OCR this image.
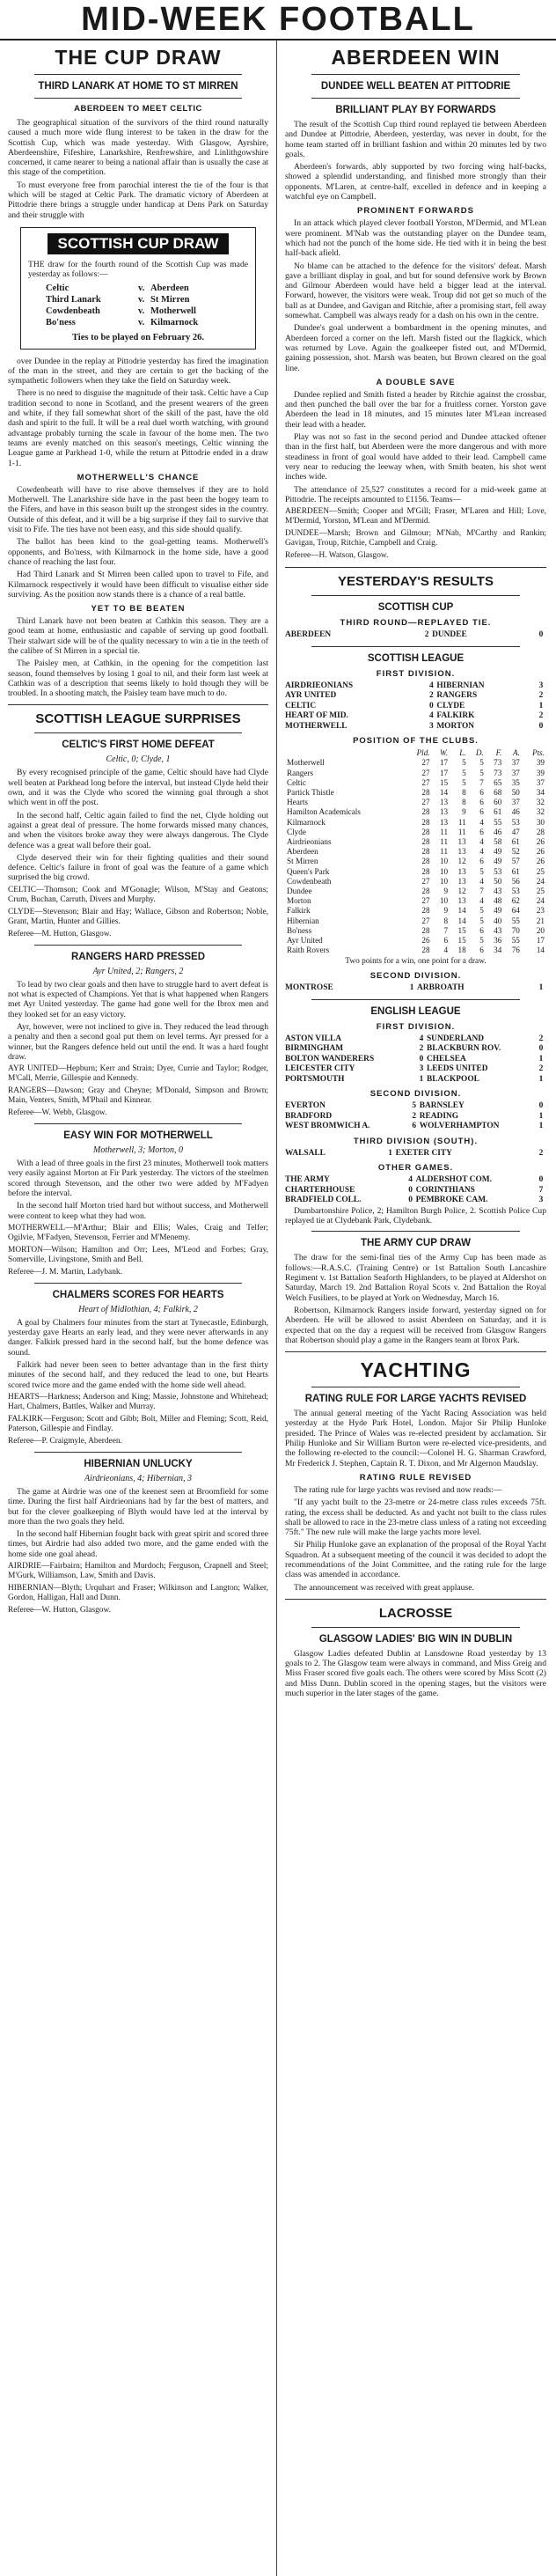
MID-WEEK FOOTBALL
THE CUP DRAW
THIRD LANARK AT HOME TO ST MIRREN
ABERDEEN TO MEET CELTIC

The geographical situation of the survivors of the third round naturally caused a much more wide flung interest to be taken in the draw for the Scottish Cup, which was made yesterday. With Glasgow, Ayrshire, Aberdeenshire, Fifeshire, Lanarkshire, Renfrewshire, and Linlithgowshire concerned, it came nearer to being a national affair than is usually the case at this stage of the competition.

To must everyone free from parochial interest the tie of the four is that which will be staged at Celtic Park. The dramatic victory of Aberdeen at Pittodrie there brings a struggle under handicap at Dens Park on Saturday and their struggle with

SCOTTISH CUP DRAW

THE draw for the fourth round of the Scottish Cup was made yesterday as follows:—

Celtic	v. Aberdeen
Third Lanark	v. St Mirren
Cowdenbeath	v. Motherwell
Bo'ness	v. Kilmarnock
Ties to be played on February 26.

over Dundee in the replay at Pittodrie yesterday has fired the imagination of the man in the street, and they are certain to get the backing of the sympathetic followers when they take the field on Saturday week.

There is no need to disguise the magnitude of their task. Celtic have a Cup tradition second to none in Scotland, and the present wearers of the green and white, if they fall somewhat short of the skill of the past, have the old dash and spirit to the full. It will be a real duel worth watching, with ground advantage probably turning the scale in favour of the home men. The two teams are evenly matched on this season's meetings, Celtic winning the League game at Parkhead 1-0, while the return at Pittodrie ended in a draw 1-1.

MOTHERWELL'S CHANCE

Cowdenbeath will have to rise above themselves if they are to hold Motherwell. The Lanarkshire side have in the past been the bogey team to the Fifers, and have in this season built up the strongest sides in the country. Outside of this defeat, and it will be a big surprise if they fail to survive that visit to Fife. The ties have not been easy, and this side should qualify.

The ballot has been kind to the goal-getting teams. Motherwell's opponents, and Bo'ness, with Kilmarnock in the home side, have a good chance of reaching the last four.

Had Third Lanark and St Mirren been called upon to travel to Fife, and Kilmarnock respectively it would have been difficult to visualise either side surviving. As the position now stands there is a chance of a real battle.

YET TO BE BEATEN

Third Lanark have not been beaten at Cathkin this season. They are a good team at home, enthusiastic and capable of serving up good football. Their stalwart side will be of the quality necessary to win a tie in the teeth of the calibre of St Mirren in a special tie.

The Paisley men, at Cathkin, in the opening for the competition last season, found themselves by losing 1 goal to nil, and their form last week at Cathkin was of a description that seems likely to hold though they will be troubled. In a shooting match, the Paisley team have much to do.

SCOTTISH LEAGUE SURPRISES
CELTIC'S FIRST HOME DEFEAT
Celtic, 0; Clyde, 1

By every recognised principle of the game, Celtic should have had Clyde well beaten at Parkhead long before the interval, but instead Clyde held their own, and it was the Clyde who scored the winning goal through a shot which went in off the post.

In the second half, Celtic again failed to find the net, Clyde holding out against a great deal of pressure. The home forwards missed many chances, and when the visitors broke away they were always dangerous. The Clyde defence was a great wall before their goal.

Clyde deserved their win for their fighting qualities and their sound defence. Celtic's failure in front of goal was the feature of a game which surprised the big crowd.

CELTIC—Thomson; Cook and M'Gonagle; Wilson, M'Stay and Geatons; Crum, Buchan, Carruth, Divers and Murphy.
CLYDE—Stevenson; Blair and Hay; Wallace, Gibson and Robertson; Noble, Grant, Martin, Hunter and Gillies.
Referee—M. Hutton, Glasgow.
RANGERS HARD PRESSED
Ayr United, 2; Rangers, 2

To lead by two clear goals and then have to struggle hard to avert defeat is not what is expected of Champions. Yet that is what happened when Rangers met Ayr United yesterday. The game had gone well for the Ibrox men and they looked set for an easy victory.

Ayr, however, were not inclined to give in. They reduced the lead through a penalty and then a second goal put them on level terms. Ayr pressed for a winner, but the Rangers defence held out until the end. It was a hard fought draw.

AYR UNITED—Hepburn; Kerr and Strain; Dyer, Currie and Taylor; Rodger, M'Call, Merrie, Gillespie and Kennedy.
RANGERS—Dawson; Gray and Cheyne; M'Donald, Simpson and Brown; Main, Venters, Smith, M'Phail and Kinnear.
Referee—W. Webb, Glasgow.
EASY WIN FOR MOTHERWELL
Motherwell, 3; Morton, 0

With a lead of three goals in the first 23 minutes, Motherwell took matters very easily against Morton at Fir Park yesterday. The victors of the steelmen scored through Stevenson, and the other two were added by M'Fadyen before the interval.

In the second half Morton tried hard but without success, and Motherwell were content to keep what they had won.

MOTHERWELL—M'Arthur; Blair and Ellis; Wales, Craig and Telfer; Ogilvie, M'Fadyen, Stevenson, Ferrier and M'Menemy.
MORTON—Wilson; Hamilton and Orr; Lees, M'Leod and Forbes; Gray, Somerville, Livingstone, Smith and Bell.
Referee—J. M. Martin, Ladybank.
CHALMERS SCORES FOR HEARTS
Heart of Midlothian, 4; Falkirk, 2

A goal by Chalmers four minutes from the start at Tynecastle, Edinburgh, yesterday gave Hearts an early lead, and they were never afterwards in any danger. Falkirk pressed hard in the second half, but the home defence was sound.

Falkirk had never been seen to better advantage than in the first thirty minutes of the second half, and they reduced the lead to one, but Hearts scored twice more and the game ended with the home side well ahead.

HEARTS—Harkness; Anderson and King; Massie, Johnstone and Whitehead; Hart, Chalmers, Battles, Walker and Murray.
FALKIRK—Ferguson; Scott and Gibb; Bolt, Miller and Fleming; Scott, Reid, Paterson, Gillespie and Findlay.
Referee—P. Craigmyle, Aberdeen.
HIBERNIAN UNLUCKY
Airdrieonians, 4; Hibernian, 3

The game at Airdrie was one of the keenest seen at Broomfield for some time. During the first half Airdrieonians had by far the best of matters, and but for the clever goalkeeping of Blyth would have led at the interval by more than the two goals they held.

In the second half Hibernian fought back with great spirit and scored three times, but Airdrie had also added two more, and the game ended with the home side one goal ahead.

AIRDRIE—Fairbairn; Hamilton and Murdoch; Ferguson, Crapnell and Steel; M'Gurk, Williamson, Law, Smith and Davis.
HIBERNIAN—Blyth; Urquhart and Fraser; Wilkinson and Langton; Walker, Gordon, Halligan, Hall and Dunn.
Referee—W. Hutton, Glasgow.
ABERDEEN WIN
DUNDEE WELL BEATEN AT PITTODRIE
BRILLIANT PLAY BY FORWARDS

The result of the Scottish Cup third round replayed tie between Aberdeen and Dundee at Pittodrie, Aberdeen, yesterday, was never in doubt, for the home team started off in brilliant fashion and within 20 minutes led by two goals.

Aberdeen's forwards, ably supported by two forcing wing half-backs, showed a splendid understanding, and finished more strongly than their opponents. M'Laren, at centre-half, excelled in defence and in keeping a watchful eye on Campbell.

PROMINENT FORWARDS

In an attack which played clever football Yorston, M'Dermid, and M'Lean were prominent. M'Nab was the outstanding player on the Dundee team, which had not the punch of the home side. He tied with it in being the best half-back afield.

No blame can be attached to the defence for the visitors' defeat. Marsh gave a brilliant display in goal, and but for sound defensive work by Brown and Gilmour Aberdeen would have held a bigger lead at the interval. Forward, however, the visitors were weak. Troup did not get so much of the ball as at Dundee, and Gavigan and Ritchie, after a promising start, fell away somewhat. Campbell was always ready for a dash on his own in the centre.

Dundee's goal underwent a bombardment in the opening minutes, and Aberdeen forced a corner on the left. Marsh fisted out the flagkick, which was returned by Love. Again the goalkeeper fisted out, and M'Dermid, gaining possession, shot. Marsh was beaten, but Brown cleared on the goal line.

A DOUBLE SAVE

Dundee replied and Smith fisted a header by Ritchie against the crossbar, and then punched the ball over the bar for a fruitless corner. Yorston gave Aberdeen the lead in 18 minutes, and 15 minutes later M'Lean increased their lead with a header.

Play was not so fast in the second period and Dundee attacked oftener than in the first half, but Aberdeen were the more dangerous and with more steadiness in front of goal would have added to their lead. Campbell came very near to reducing the leeway when, with Smith beaten, his shot went inches wide.

The attendance of 25,527 constitutes a record for a mid-week game at Pittodrie. The receipts amounted to £1156. Teams—

ABERDEEN—Smith; Cooper and M'Gill; Fraser, M'Laren and Hill; Love, M'Dermid, Yorston, M'Lean and M'Dermid.
DUNDEE—Marsh; Brown and Gilmour; M'Nab, M'Carthy and Rankin; Gavigan, Troup, Ritchie, Campbell and Craig.
Referee—H. Watson, Glasgow.
YESTERDAY'S RESULTS
SCOTTISH CUP
THIRD ROUND—REPLAYED TIE.
ABERDEEN	2	DUNDEE	0
SCOTTISH LEAGUE
FIRST DIVISION.
AIRDRIEONIANS	4	HIBERNIAN	3
AYR UNITED	2	RANGERS	2
CELTIC	0	CLYDE	1
HEART OF MID.	4	FALKIRK	2
MOTHERWELL	3	MORTON	0
POSITION OF THE CLUBS.
	Pld.	W.	L.	D.	F.	A.	Pts.
Motherwell	27	17	5	5	73	37	39
Rangers	27	17	5	5	73	37	39
Celtic	27	15	5	7	65	35	37
Partick Thistle	28	14	8	6	68	50	34
Hearts	27	13	8	6	60	37	32
Hamilton Academicals	28	13	9	6	61	46	32
Kilmarnock	28	13	11	4	55	53	30
Clyde	28	11	11	6	46	47	28
Airdrieonians	28	11	13	4	58	61	26
Aberdeen	28	11	13	4	49	52	26
St Mirren	28	10	12	6	49	57	26
Queen's Park	28	10	13	5	53	61	25
Cowdenbeath	27	10	13	4	50	56	24
Dundee	28	9	12	7	43	53	25
Morton	27	10	13	4	48	62	24
Falkirk	28	9	14	5	49	64	23
Hibernian	27	8	14	5	40	55	21
Bo'ness	28	7	15	6	43	70	20
Ayr United	26	6	15	5	36	55	17
Raith Rovers	28	4	18	6	34	76	14
Two points for a win, one point for a draw.
SECOND DIVISION.
MONTROSE	1	ARBROATH	1
ENGLISH LEAGUE
FIRST DIVISION.
ASTON VILLA	4	SUNDERLAND	2
BIRMINGHAM	2	BLACKBURN ROV.	0
BOLTON WANDERERS	0	CHELSEA	1
LEICESTER CITY	3	LEEDS UNITED	2
PORTSMOUTH	1	BLACKPOOL	1
SECOND DIVISION.
EVERTON	5	BARNSLEY	0
BRADFORD	2	READING	1
WEST BROMWICH A.	6	WOLVERHAMPTON	1
THIRD DIVISION (SOUTH).
WALSALL	1	EXETER CITY	2
OTHER GAMES.
THE ARMY	4	ALDERSHOT COM.	0
CHARTERHOUSE	0	CORINTHIANS	7
BRADFIELD COLL.	0	PEMBROKE CAM.	3

Dumbartonshire Police, 2; Hamilton Burgh Police, 2. Scottish Police Cup replayed tie at Clydebank Park, Clydebank.

THE ARMY CUP DRAW

The draw for the semi-final ties of the Army Cup has been made as follows:—R.A.S.C. (Training Centre) or 1st Battalion South Lancashire Regiment v. 1st Battalion Seaforth Highlanders, to be played at Aldershot on Saturday, March 19. 2nd Battalion Royal Scots v. 2nd Battalion the Royal Welch Fusiliers, to be played at York on Wednesday, March 16.

Robertson, Kilmarnock Rangers inside forward, yesterday signed on for Aberdeen. He will be allowed to assist Aberdeen on Saturday, and it is expected that on the day a request will be received from Glasgow Rangers that Robertson should play a game in the Rangers team at Ibrox Park.

YACHTING
RATING RULE FOR LARGE YACHTS REVISED

The annual general meeting of the Yacht Racing Association was held yesterday at the Hyde Park Hotel, London. Major Sir Philip Hunloke presided. The Prince of Wales was re-elected president by acclamation. Sir Philip Hunloke and Sir William Burton were re-elected vice-presidents, and the following re-elected to the council:—Colonel H. G. Sharman Crawford, Mr Frederick J. Stephen, Captain R. T. Dixon, and Mr Algernon Maudslay.

RATING RULE REVISED

The rating rule for large yachts was revised and now reads:—

"If any yacht built to the 23-metre or 24-metre class rules exceeds 75ft. rating, the excess shall be deducted. As and yacht not built to the class rules shall be allowed to race in the 23-metre class unless of a rating not exceeding 75ft." The new rule will make the large yachts more level.

Sir Philip Hunloke gave an explanation of the proposal of the Royal Yacht Squadron. At a subsequent meeting of the council it was decided to adopt the recommendations of the Joint Committee, and the rating rule for the large class was amended in accordance.

The announcement was received with great applause.

LACROSSE
GLASGOW LADIES' BIG WIN IN DUBLIN

Glasgow Ladies defeated Dublin at Lansdowne Road yesterday by 13 goals to 2. The Glasgow team were always in command, and Miss Greig and Miss Fraser scored five goals each. The others were scored by Miss Scott (2) and Miss Dunn. Dublin scored in the opening stages, but the visitors were much superior in the later stages of the game.
